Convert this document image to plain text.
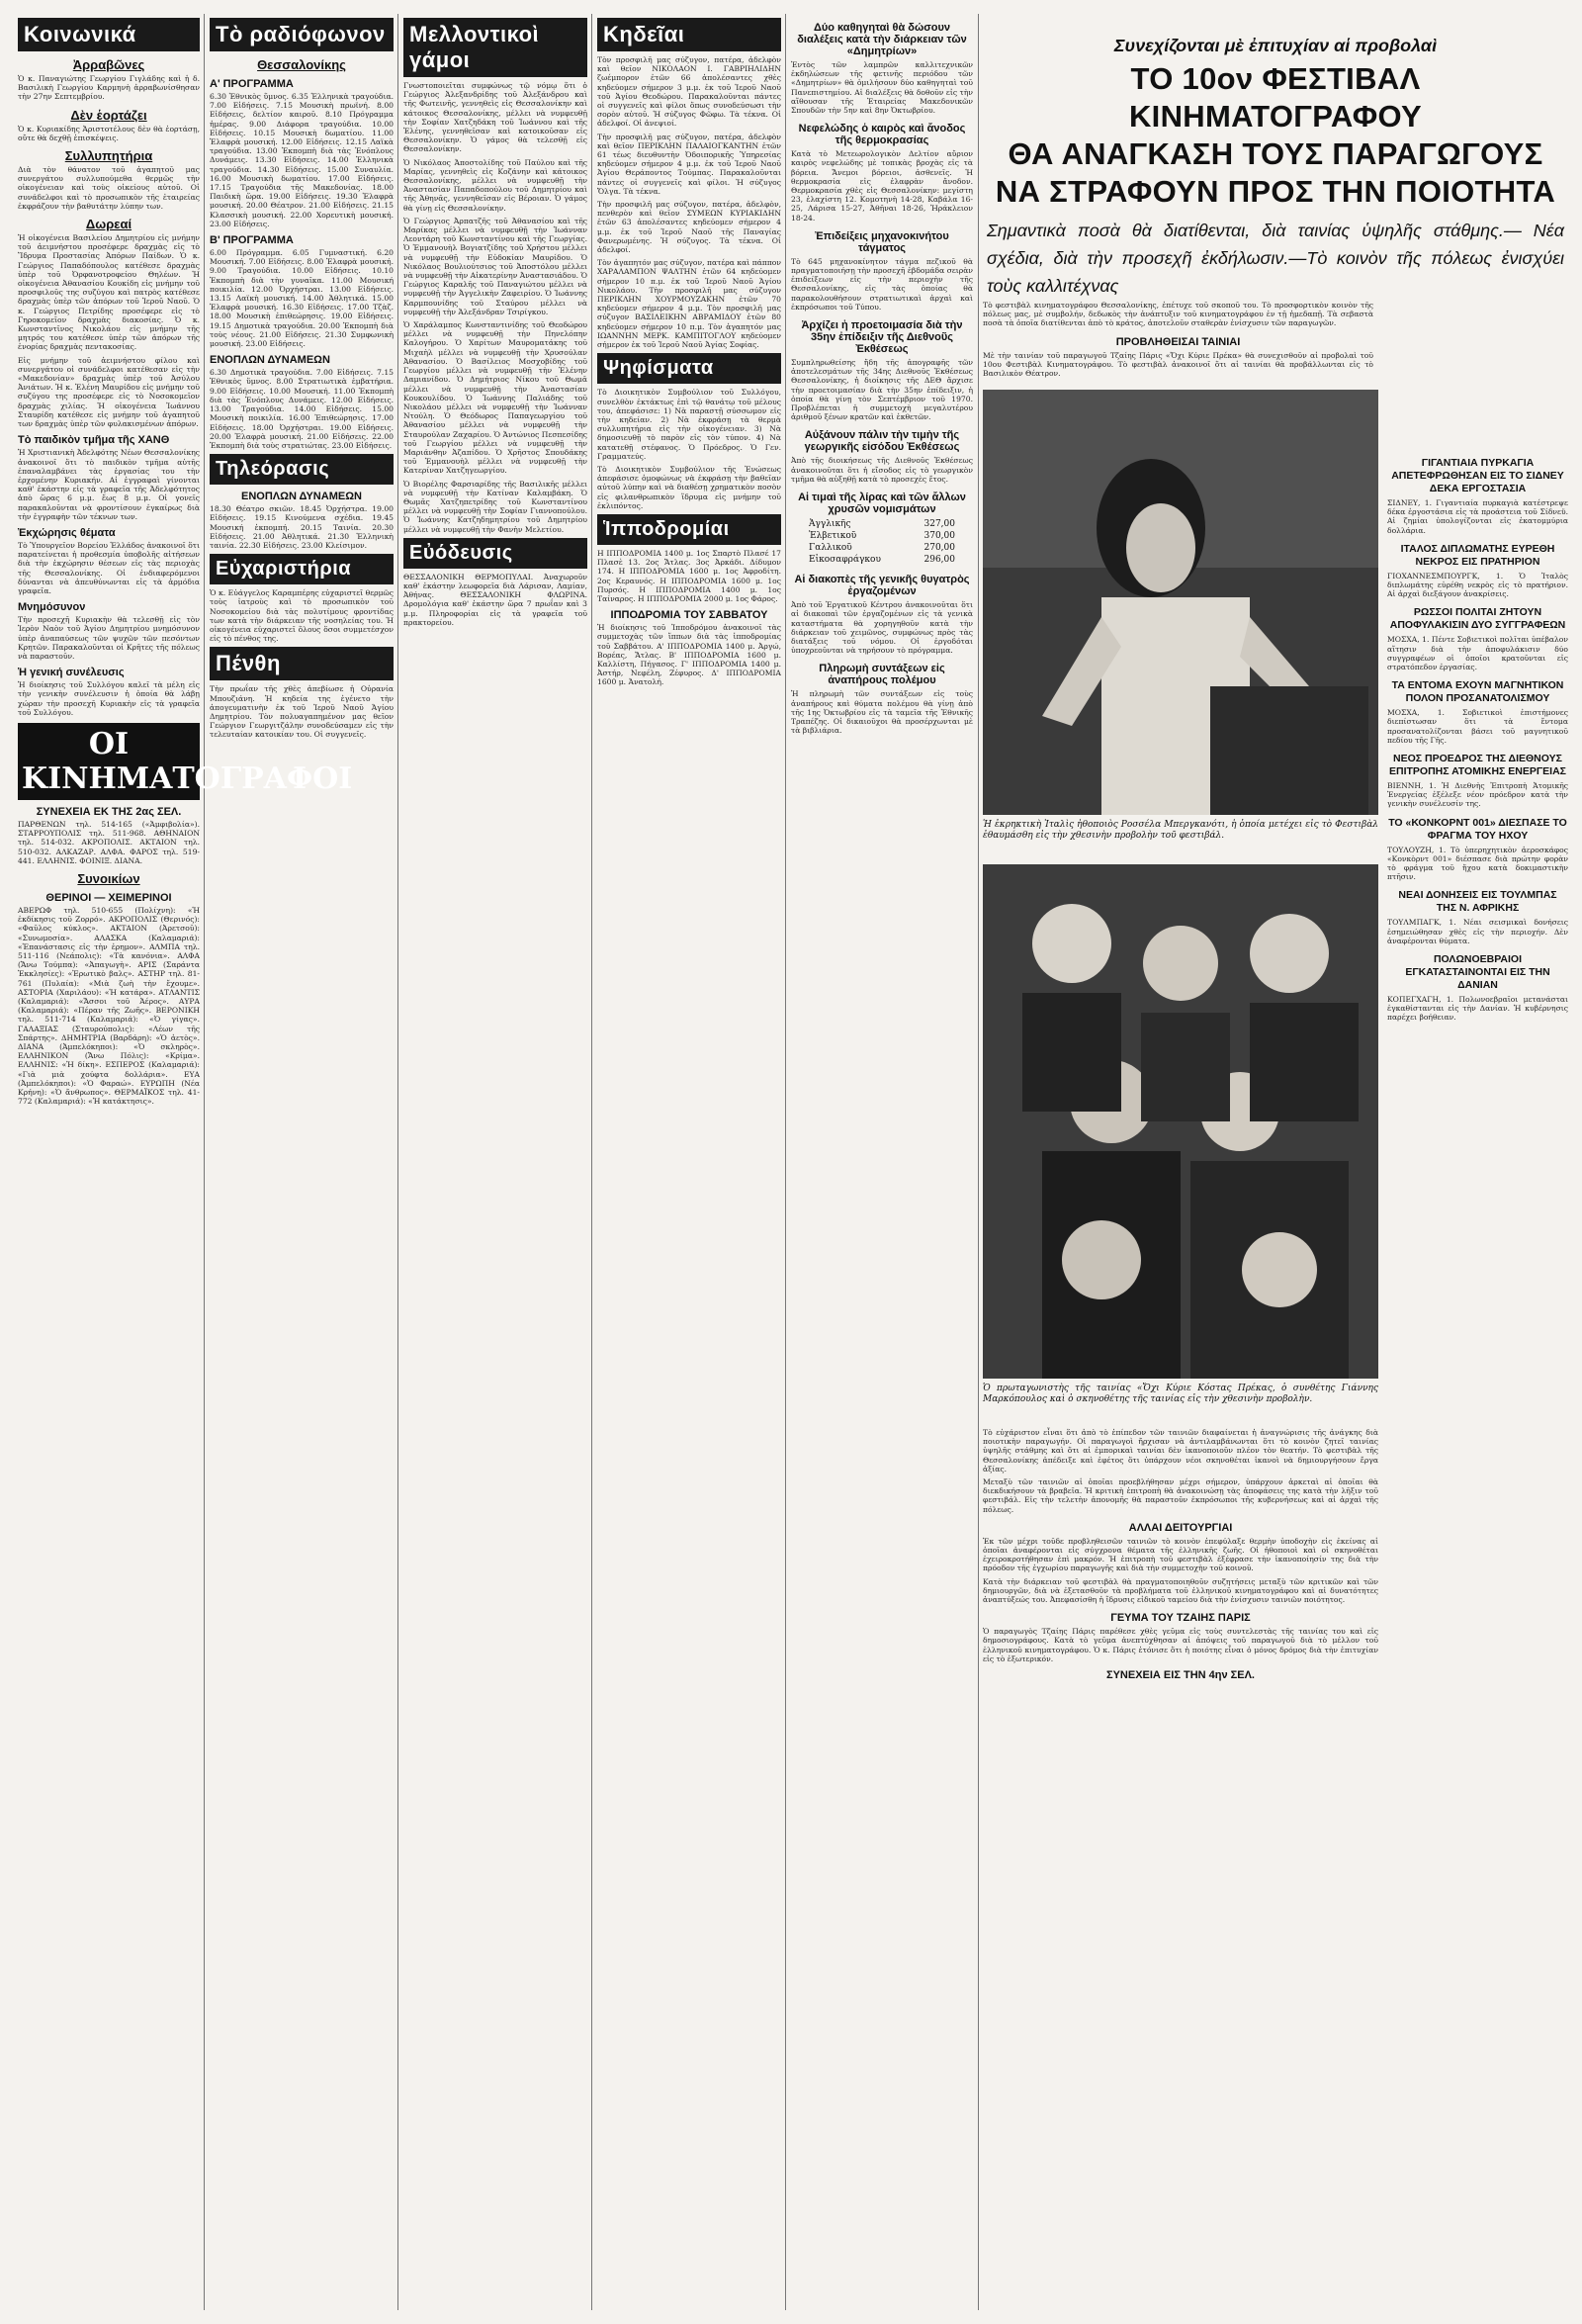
Κοινωνικά
Ἀρραβῶνες

Ὁ κ. Παναγιώτης Γεωργίου Γιγλάδης καὶ ἡ δ. Βασιλικὴ Γεωργίου Καρμηνὴ ἀρραβωνίσθησαν τὴν 27ην Σεπτεμβρίου.

Δὲν ἑορτάζει

Ὁ κ. Κυριακίδης Ἀριστοτέλους δὲν θὰ ἑορτάσῃ, οὔτε θὰ δεχθῇ ἐπισκέψεις.

Συλλυπητήρια

Διὰ τὸν θάνατον τοῦ ἀγαπητοῦ μας συνεργάτου συλλυπούμεθα θερμῶς τὴν οἰκογένειαν καὶ τοὺς οἰκείους αὐτοῦ. Οἱ συνάδελφοι καὶ τὸ προσωπικὸν τῆς ἑταιρείας ἐκφράζουν τὴν βαθυτάτην λύπην των.

Δωρεαί

Ἡ οἰκογένεια Βασιλείου Δημητρίου εἰς μνήμην τοῦ ἀειμνήστου προσέφερε δραχμὰς εἰς τὸ Ἵδρυμα Προστασίας Ἀπόρων Παίδων. Ὁ κ. Γεώργιος Παπαδόπουλος κατέθεσε δραχμὰς ὑπὲρ τοῦ Ὀρφανοτροφείου Θηλέων. Ἡ οἰκογένεια Ἀθανασίου Κουκίδη εἰς μνήμην τοῦ προσφιλοῦς της συζύγου καὶ πατρὸς κατέθεσε δραχμὰς ὑπὲρ τῶν ἀπόρων τοῦ Ἱεροῦ Ναοῦ. Ὁ κ. Γεώργιος Πετρίδης προσέφερε εἰς τὸ Γηροκομεῖον δραχμὰς διακοσίας. Ὁ κ. Κωνσταντῖνος Νικολάου εἰς μνήμην τῆς μητρός του κατέθεσε ὑπὲρ τῶν ἀπόρων τῆς ἐνορίας δραχμὰς πεντακοσίας.

Εἰς μνήμην τοῦ ἀειμνήστου φίλου καὶ συνεργάτου οἱ συνάδελφοι κατέθεσαν εἰς τὴν «Μακεδονίαν» δραχμὰς ὑπὲρ τοῦ Ἀσύλου Ἀνιάτων. Ἡ κ. Ἑλένη Μαυρίδου εἰς μνήμην τοῦ συζύγου της προσέφερε εἰς τὸ Νοσοκομεῖον δραχμὰς χιλίας. Ἡ οἰκογένεια Ἰωάννου Σταυρίδη κατέθεσε εἰς μνήμην τοῦ ἀγαπητοῦ των δραχμὰς ὑπὲρ τῶν φυλακισμένων ἀπόρων.

Τὸ παιδικὸν τμῆμα τῆς ΧΑΝΘ

Ἡ Χριστιανικὴ Ἀδελφότης Νέων Θεσσαλονίκης ἀνακοινοῖ ὅτι τὸ παιδικὸν τμῆμα αὐτῆς ἐπαναλαμβάνει τὰς ἐργασίας του τὴν ἐρχομένην Κυριακήν. Αἱ ἐγγραφαὶ γίνονται καθ' ἑκάστην εἰς τὰ γραφεῖα τῆς Ἀδελφότητος ἀπὸ ὥρας 6 μ.μ. ἕως 8 μ.μ. Οἱ γονεῖς παρακαλοῦνται νὰ φροντίσουν ἐγκαίρως διὰ τὴν ἐγγραφὴν τῶν τέκνων των.

Ἐκχώρησις θέματα

Τὸ Ὑπουργεῖον Βορείου Ἑλλάδος ἀνακοινοῖ ὅτι παρατείνεται ἡ προθεσμία ὑποβολῆς αἰτήσεων διὰ τὴν ἐκχώρησιν θέσεων εἰς τὰς περιοχὰς τῆς Θεσσαλονίκης. Οἱ ἐνδιαφερόμενοι δύνανται νὰ ἀπευθύνωνται εἰς τὰ ἁρμόδια γραφεῖα.

Μνημόσυνον

Τὴν προσεχῆ Κυριακὴν θὰ τελεσθῇ εἰς τὸν Ἱερὸν Ναὸν τοῦ Ἁγίου Δημητρίου μνημόσυνον ὑπὲρ ἀναπαύσεως τῶν ψυχῶν τῶν πεσόντων Κρητῶν. Παρακαλοῦνται οἱ Κρῆτες τῆς πόλεως νὰ παραστοῦν.

Ἡ γενική συνέλευσις

Ἡ διοίκησις τοῦ Συλλόγου καλεῖ τὰ μέλη εἰς τὴν γενικὴν συνέλευσιν ἡ ὁποία θὰ λάβῃ χώραν τὴν προσεχῆ Κυριακὴν εἰς τὰ γραφεῖα τοῦ Συλλόγου.

ΟΙ ΚΙΝΗΜΑΤΟΓΡΑΦΟΙ
ΣΥΝΕΧΕΙΑ ΕΚ ΤΗΣ 2ας ΣΕΛ.

ΠΑΡΘΕΝΩΝ τηλ. 514-165 («Ἀμφιβολία»). ΣΤΑΡΡΟΥΠΟΛΙΣ τηλ. 511-968. ΑΘΗΝΑΙΟΝ τηλ. 514-032. ΑΚΡΟΠΟΛΙΣ. ΑΚΤΑΙΟΝ τηλ. 510-032. ΑΛΚΑΖΑΡ. ΑΛΦΑ. ΦΑΡΟΣ τηλ. 519-441. ΕΛΛΗΝΙΣ. ΦΟΙΝΙΞ. ΔΙΑΝΑ.

Συνοικίων
ΘΕΡΙΝΟΙ — ΧΕΙΜΕΡΙΝΟΙ

ΑΒΕΡΩΦ τηλ. 510-655 (Πολίχνη): «Ἡ ἐκδίκησις τοῦ Ζορρό». ΑΚΡΟΠΟΛΙΣ (Θερινός): «Φαῦλος κύκλος». ΑΚΤΑΙΟΝ (Ἀρετσοῦ): «Συνωμοσία». ΑΛΑΣΚΑ (Καλαμαριά): «Ἐπανάστασις εἰς τὴν ἐρημον». ΑΛΜΠΑ τηλ. 511-116 (Νεάπολις): «Τὰ κανόνια». ΑΛΦΑ (Ἄνω Τούμπα): «Ἀπαγωγὴ». ΑΡΙΣ (Σαράντα Ἐκκλησίες): «Ἐρωτικὸ βαλς». ΑΣΤΗΡ τηλ. 81-761 (Πυλαία): «Μιὰ ζωὴ τὴν ἔχουμε». ΑΣΤΟΡΙΑ (Χαριλάου): «Ἡ κατάρα». ΑΤΛΑΝΤΙΣ (Καλαμαριά): «Ἄσσοι τοῦ Ἀέρος». ΑΥΡΑ (Καλαμαριά): «Πέραν τῆς Ζωῆς». ΒΕΡΟΝΙΚΗ τηλ. 511-714 (Καλαμαριά): «Ὁ γίγας». ΓΑΛΑΞΙΑΣ (Σταυρούπολις): «Λέων τῆς Σπάρτης». ΔΗΜΗΤΡΙΑ (Βαρδάρη): «Ὁ ἀετὸς». ΔΙΑΝΑ (Ἀμπελόκηποι): «Ὁ σκληρὸς». ΕΛΛΗΝΙΚΟΝ (Ἄνω Πόλις): «Κρίμα». ΕΛΛΗΝΙΣ: «Ἡ δίκη». ΕΣΠΕΡΟΣ (Καλαμαριά): «Γιὰ μιὰ χούφτα δολλάρια». ΕΥΑ (Ἀμπελόκηποι): «Ὁ Φαραώ». ΕΥΡΩΠΗ (Νέα Κρήνη): «Ὁ ἄνθρωπος». ΘΕΡΜΑΪΚΟΣ τηλ. 41-772 (Καλαμαριά): «Ἡ κατάκτησις».

Τὸ ραδιόφωνον
Θεσσαλονίκης
Α' ΠΡΟΓΡΑΜΜΑ

6.30 Ἐθνικὸς ὕμνος. 6.35 Ἑλληνικὰ τραγούδια. 7.00 Εἰδήσεις. 7.15 Μουσικὴ πρωϊνή. 8.00 Εἰδήσεις, δελτίον καιροῦ. 8.10 Πρόγραμμα ἡμέρας. 9.00 Διάφορα τραγούδια. 10.00 Εἰδήσεις. 10.15 Μουσικὴ δωματίου. 11.00 Ἐλαφρὰ μουσική. 12.00 Εἰδήσεις. 12.15 Λαϊκὰ τραγούδια. 13.00 Ἐκπομπὴ διὰ τὰς Ἐνόπλους Δυνάμεις. 13.30 Εἰδήσεις. 14.00 Ἑλληνικὰ τραγούδια. 14.30 Εἰδήσεις. 15.00 Συναυλία. 16.00 Μουσικὴ δωματίου. 17.00 Εἰδήσεις. 17.15 Τραγούδια τῆς Μακεδονίας. 18.00 Παιδικὴ ὥρα. 19.00 Εἰδήσεις. 19.30 Ἐλαφρὰ μουσική. 20.00 Θέατρον. 21.00 Εἰδήσεις. 21.15 Κλασσικὴ μουσική. 22.00 Χορευτικὴ μουσική. 23.00 Εἰδήσεις.

Β' ΠΡΟΓΡΑΜΜΑ

6.00 Πρόγραμμα. 6.05 Γυμναστική. 6.20 Μουσική. 7.00 Εἰδήσεις. 8.00 Ἐλαφρὰ μουσική. 9.00 Τραγούδια. 10.00 Εἰδήσεις. 10.10 Ἐκπομπὴ διὰ τὴν γυναῖκα. 11.00 Μουσική ποικιλία. 12.00 Ὀρχήστραι. 13.00 Εἰδήσεις. 13.15 Λαϊκὴ μουσική. 14.00 Ἀθλητικά. 15.00 Ἐλαφρὰ μουσική. 16.30 Εἰδήσεις. 17.00 Τζὰζ. 18.00 Μουσικὴ ἐπιθεώρησις. 19.00 Εἰδήσεις. 19.15 Δημοτικὰ τραγούδια. 20.00 Ἐκπομπὴ διὰ τοὺς νέους. 21.00 Εἰδήσεις. 21.30 Συμφωνικὴ μουσική. 23.00 Εἰδήσεις.

ΕΝΟΠΛΩΝ ΔΥΝΑΜΕΩΝ

6.30 Δημοτικὰ τραγούδια. 7.00 Εἰδήσεις. 7.15 Ἐθνικὸς ὕμνος. 8.00 Στρατιωτικὰ ἐμβατήρια. 9.00 Εἰδήσεις. 10.00 Μουσική. 11.00 Ἐκπομπὴ διὰ τὰς Ἐνόπλους Δυνάμεις. 12.00 Εἰδήσεις. 13.00 Τραγούδια. 14.00 Εἰδήσεις. 15.00 Μουσικὴ ποικιλία. 16.00 Ἐπιθεώρησις. 17.00 Εἰδήσεις. 18.00 Ὀρχήστραι. 19.00 Εἰδήσεις. 20.00 Ἐλαφρὰ μουσική. 21.00 Εἰδήσεις. 22.00 Ἐκπομπὴ διὰ τοὺς στρατιώτας. 23.00 Εἰδήσεις.

Τηλεόρασις
ΕΝΟΠΛΩΝ ΔΥΝΑΜΕΩΝ

18.30 Θέατρο σκιῶν. 18.45 Ὀρχήστρα. 19.00 Εἰδήσεις. 19.15 Κινούμενα σχέδια. 19.45 Μουσική ἐκπομπή. 20.15 Ταινία. 20.30 Εἰδήσεις. 21.00 Ἀθλητικά. 21.30 Ἑλληνικὴ ταινία. 22.30 Εἰδήσεις. 23.00 Κλείσιμον.

Εὐχαριστήρια

Ὁ κ. Εὐάγγελος Καραμπέρης εὐχαριστεῖ θερμῶς τοὺς ἰατροὺς καὶ τὸ προσωπικὸν τοῦ Νοσοκομείου διὰ τὰς πολυτίμους φροντίδας των κατὰ τὴν διάρκειαν τῆς νοσηλείας του. Ἡ οἰκογένεια εὐχαριστεῖ ὅλους ὅσοι συμμετέσχον εἰς τὸ πένθος της.

Πένθη

Τὴν πρωΐαν τῆς χθὲς ἀπεβίωσε ἡ Οὐρανία Μπουζιάνη. Ἡ κηδεία της ἐγένετο τὴν ἀπογευματινὴν ἐκ τοῦ Ἱεροῦ Ναοῦ Ἁγίου Δημητρίου. Τὸν πολυαγαπημένον μας θεῖον Γεώργιον Γεωργιτζάλην συνοδεύσαμεν εἰς τὴν τελευταίαν κατοικίαν του. Οἱ συγγενεῖς.

Μελλοντικοὶ γάμοι

Γνωστοποιεῖται συμφώνως τῷ νόμῳ ὅτι ὁ Γεώργιος Ἀλεξανδρίδης τοῦ Ἀλεξάνδρου καὶ τῆς Φωτεινῆς, γεννηθεὶς εἰς Θεσσαλονίκην καὶ κάτοικος Θεσσαλονίκης, μέλλει νὰ νυμφευθῇ τὴν Σοφίαν Χατζηδάκη τοῦ Ἰωάννου καὶ τῆς Ἑλένης, γεννηθεῖσαν καὶ κατοικοῦσαν εἰς Θεσσαλονίκην. Ὁ γάμος θὰ τελεσθῇ εἰς Θεσσαλονίκην.

Ὁ Νικόλαος Ἀποστολίδης τοῦ Παύλου καὶ τῆς Μαρίας, γεννηθεὶς εἰς Κοζάνην καὶ κάτοικος Θεσσαλονίκης, μέλλει νὰ νυμφευθῇ τὴν Ἀναστασίαν Παπαδοπούλου τοῦ Δημητρίου καὶ τῆς Ἀθηνᾶς, γεννηθεῖσαν εἰς Βέροιαν. Ὁ γάμος θὰ γίνῃ εἰς Θεσσαλονίκην.

Ὁ Γεώργιος Ἀρπατζῆς τοῦ Ἀθανασίου καὶ τῆς Μαρίκας μέλλει νὰ νυμφευθῇ τὴν Ἰωάνναν Λεοντάρη τοῦ Κωνσταντίνου καὶ τῆς Γεωργίας. Ὁ Ἐμμανουὴλ Βογιατζίδης τοῦ Χρήστου μέλλει νὰ νυμφευθῇ τὴν Εὐδοκίαν Μαυρίδου. Ὁ Νικόλαος Βουλιούτσιος τοῦ Ἀποστόλου μέλλει νὰ νυμφευθῇ τὴν Αἰκατερίνην Ἀναστασιάδου. Ὁ Γεώργιος Καραλῆς τοῦ Παναγιώτου μέλλει νὰ νυμφευθῇ τὴν Ἀγγελικὴν Ζαφειρίου. Ὁ Ἰωάννης Καρμπουνίδης τοῦ Σταύρου μέλλει νὰ νυμφευθῇ τὴν Ἀλεξάνδραν Τσιρίγκου.

Ὁ Χαράλαμπος Κωνσταντινίδης τοῦ Θεοδώρου μέλλει νὰ νυμφευθῇ τὴν Πηνελόπην Καλογήρου. Ὁ Χαρίτων Μαυροματάκης τοῦ Μιχαὴλ μέλλει νὰ νυμφευθῇ τὴν Χρυσούλαν Ἀθανασίου. Ὁ Βασίλειος Μοσχοβίδης τοῦ Γεωργίου μέλλει νὰ νυμφευθῇ τὴν Ἑλένην Δαμιανίδου. Ὁ Δημήτριος Νίκου τοῦ Θωμᾶ μέλλει νὰ νυμφευθῇ τὴν Ἀναστασίαν Κουκουλίδου. Ὁ Ἰωάννης Παλιάδης τοῦ Νικολάου μέλλει νὰ νυμφευθῇ τὴν Ἰωάνναν Ντούλη. Ὁ Θεόδωρος Παπαγεωργίου τοῦ Ἀθανασίου μέλλει νὰ νυμφευθῇ τὴν Σταυρούλαν Ζαχαρίου. Ὁ Ἀντώνιος Πεσπεσίδης τοῦ Γεωργίου μέλλει νὰ νυμφευθῇ τὴν Μαριάνθην Ἀζαπίδου. Ὁ Χρῆστος Σπουδάκης τοῦ Ἐμμανουὴλ μέλλει νὰ νυμφευθῇ τὴν Κατερίναν Χατζηγεωργίου.

Ὁ Βιορέλης Φαρσιαρίδης τῆς Βασιλικῆς μέλλει νὰ νυμφευθῇ τὴν Κατίναν Καλαμβάκη. Ὁ Θωμᾶς Χατζηπετρίδης τοῦ Κωνσταντίνου μέλλει νὰ νυμφευθῇ τὴν Σοφίαν Γιαννοπούλου. Ὁ Ἰωάννης Κατζηδημητρίου τοῦ Δημητρίου μέλλει νὰ νυμφευθῇ τὴν Φανὴν Μελετίου.

Εὐόδευσις

ΘΕΣΣΑΛΟΝΙΚΗ ΘΕΡΜΟΠΥΛΑΙ. Ἀναχωροῦν καθ' ἑκάστην λεωφορεῖα διὰ Λάρισαν, Λαμίαν, Ἀθήνας. ΘΕΣΣΑΛΟΝΙΚΗ ΦΛΩΡΙΝΑ. Δρομολόγια καθ' ἑκάστην ὥρα 7 πρωΐαν καὶ 3 μ.μ. Πληροφορίαι εἰς τὰ γραφεῖα τοῦ πρακτορείου.

Κηδεῖαι

Τὸν προσφιλῆ μας σύζυγον, πατέρα, ἀδελφὸν καὶ θεῖον ΝΙΚΟΛΑΟΝ Ι. ΓΑΒΡΙΗΛΙΔΗΝ ζωέμπορον ἐτῶν 66 ἀπολέσαντες χθὲς κηδεύομεν σήμερον 3 μ.μ. ἐκ τοῦ Ἱεροῦ Ναοῦ τοῦ Ἁγίου Θεοδώρου. Παρακαλοῦνται πάντες οἱ συγγενεῖς καὶ φίλοι ὅπως συνοδεύσωσι τὴν σορὸν αὐτοῦ. Ἡ σύζυγος Φῶφω. Τὰ τέκνα. Οἱ ἀδελφοί. Οἱ ἀνεψιοί.

Τὴν προσφιλῆ μας σύζυγον, πατέρα, ἀδελφὸν καὶ θεῖον ΠΕΡΙΚΛΗΝ ΠΑΛΑΙΟΓΚΑΝΤΗΝ ἐτῶν 61 τέως διευθυντὴν Ὀδοιπορικῆς Ὑπηρεσίας κηδεύομεν σήμερον 4 μ.μ. ἐκ τοῦ Ἱεροῦ Ναοῦ Ἁγίου Θεράποντος Τούμπας. Παρακαλοῦνται πάντες οἱ συγγενεῖς καὶ φίλοι. Ἡ σύζυγος Ὄλγα. Τὰ τέκνα.

Τὴν προσφιλῆ μας σύζυγον, πατέρα, ἀδελφὸν, πενθερὸν καὶ θεῖον ΣΥΜΕΩΝ ΚΥΡΙΑΚΙΔΗΝ ἐτῶν 63 ἀπολέσαντες κηδεύομεν σήμερον 4 μ.μ. ἐκ τοῦ Ἱεροῦ Ναοῦ τῆς Παναγίας Φανερωμένης. Ἡ σύζυγος. Τὰ τέκνα. Οἱ ἀδελφοί.

Τὸν ἀγαπητόν μας σύζυγον, πατέρα καὶ πάππον ΧΑΡΑΛΑΜΠΟΝ ΨΑΛΤΗΝ ἐτῶν 64 κηδεύομεν σήμερον 10 π.μ. ἐκ τοῦ Ἱεροῦ Ναοῦ Ἁγίου Νικολάου. Τὴν προσφιλῆ μας σύζυγον ΠΕΡΙΚΛΗΝ ΧΟΥΡΜΟΥΖΑΚΗΝ ἐτῶν 70 κηδεύομεν σήμερον 4 μ.μ. Τὸν προσφιλῆ μας σύζυγον ΒΑΣΙΛΕΙΚΗΝ ΑΒΡΑΜΙΔΟΥ ἐτῶν 80 κηδεύομεν σήμερον 10 π.μ. Τὸν ἀγαπητόν μας ΙΩΑΝΝΗΝ ΜΕΡΚ. ΚΑΜΠΙΤΟΓΛΟΥ κηδεύομεν σήμερον ἐκ τοῦ Ἱεροῦ Ναοῦ Ἁγίας Σοφίας.

Ψηφίσματα

Τὸ Διοικητικὸν Συμβούλιον τοῦ Συλλόγου, συνελθὸν ἐκτάκτως ἐπὶ τῷ θανάτῳ τοῦ μέλους του, ἀπεφάσισε: 1) Νὰ παραστῇ σύσσωμον εἰς τὴν κηδείαν. 2) Νὰ ἐκφράσῃ τὰ θερμὰ συλλυπητήρια εἰς τὴν οἰκογένειαν. 3) Νὰ δημοσιευθῇ τὸ παρὸν εἰς τὸν τύπον. 4) Νὰ κατατεθῇ στέφανος. Ὁ Πρόεδρος. Ὁ Γεν. Γραμματεύς.

Τὸ Διοικητικὸν Συμβούλιον τῆς Ἑνώσεως ἀπεφάσισε ὁμοφώνως νὰ ἐκφράσῃ τὴν βαθεῖαν αὐτοῦ λύπην καὶ νὰ διαθέσῃ χρηματικὸν ποσὸν εἰς φιλανθρωπικὸν ἵδρυμα εἰς μνήμην τοῦ ἐκλιπόντος.

Ἱπποδρομίαι

Η ΙΠΠΟΔΡΟΜΙΑ 1400 μ. 1ος Σπαρτὸ Πλασέ 17 Πλασὲ 13. 2ος Ἄτλας. 3ος Ἀρκάδι. Δίδυμον 174. Η ΙΠΠΟΔΡΟΜΙΑ 1600 μ. 1ος Ἀφροδίτη. 2ος Κεραυνός. Η ΙΠΠΟΔΡΟΜΙΑ 1600 μ. 1ος Πυρσός. Η ΙΠΠΟΔΡΟΜΙΑ 1400 μ. 1ος Ταίναρος. Η ΙΠΠΟΔΡΟΜΙΑ 2000 μ. 1ος Φάρος.

ΙΠΠΟΔΡΟΜΙΑ ΤΟΥ ΣΑΒΒΑΤΟΥ

Ἡ διοίκησις τοῦ Ἱπποδρόμου ἀνακοινοῖ τὰς συμμετοχὰς τῶν ἵππων διὰ τὰς ἱπποδρομίας τοῦ Σαββάτου. Α' ΙΠΠΟΔΡΟΜΙΑ 1400 μ. Ἀργώ, Βορέας, Ἄτλας. Β' ΙΠΠΟΔΡΟΜΙΑ 1600 μ. Καλλίστη, Πήγασος. Γ' ΙΠΠΟΔΡΟΜΙΑ 1400 μ. Ἀστήρ, Νεφέλη, Ζέφυρος. Δ' ΙΠΠΟΔΡΟΜΙΑ 1600 μ. Ἀνατολή.

Δύο καθηγηταὶ θὰ δώσουν διαλέξεις κατὰ τὴν διάρκειαν τῶν «Δημητρίων»

Ἐντὸς τῶν λαμπρῶν καλλιτεχνικῶν ἐκδηλώσεων τῆς φετινῆς περιόδου τῶν «Δημητρίων» θὰ ὁμιλήσουν δύο καθηγηταὶ τοῦ Πανεπιστημίου. Αἱ διαλέξεις θὰ δοθοῦν εἰς τὴν αἴθουσαν τῆς Ἑταιρείας Μακεδονικῶν Σπουδῶν τὴν 5ην καὶ 8ην Ὀκτωβρίου.

Νεφελώδης ὁ καιρὸς καὶ ἄνοδος τῆς θερμοκρασίας

Κατὰ τὸ Μετεωρολογικὸν Δελτίον αὔριον καιρὸς νεφελώδης μὲ τοπικὰς βροχὰς εἰς τὰ βόρεια. Ἄνεμοι βόρειοι, ἀσθενεῖς. Ἡ θερμοκρασία εἰς ἐλαφρὰν ἄνοδον. Θερμοκρασία χθὲς εἰς Θεσσαλονίκην: μεγίστη 23, ἐλαχίστη 12. Κομοτηνὴ 14-28, Καβάλα 16-25, Λάρισα 15-27, Ἀθῆναι 18-26, Ἡράκλειον 18-24.

Ἐπιδείξεις μηχανοκινήτου τάγματος

Τὸ 645 μηχανοκίνητον τάγμα πεζικοῦ θὰ πραγματοποιήσῃ τὴν προσεχῆ ἑβδομάδα σειρὰν ἐπιδείξεων εἰς τὴν περιοχὴν τῆς Θεσσαλονίκης, εἰς τὰς ὁποίας θὰ παρακολουθήσουν στρατιωτικαὶ ἀρχαὶ καὶ ἐκπρόσωποι τοῦ Τύπου.

Ἀρχίζει ἡ προετοιμασία διὰ τὴν 35ην ἐπίδειξιν τῆς Διεθνοῦς Ἐκθέσεως

Συμπληρωθείσης ἤδη τῆς ἀπογραφῆς τῶν ἀποτελεσμάτων τῆς 34ης Διεθνοῦς Ἐκθέσεως Θεσσαλονίκης, ἡ διοίκησις τῆς ΔΕΘ ἄρχισε τὴν προετοιμασίαν διὰ τὴν 35ην ἐπίδειξιν, ἡ ὁποία θὰ γίνῃ τὸν Σεπτέμβριον τοῦ 1970. Προβλέπεται ἡ συμμετοχὴ μεγαλυτέρου ἀριθμοῦ ξένων κρατῶν καὶ ἐκθετῶν.

Αὐξάνουν πάλιν τὴν τιμὴν τῆς γεωργικῆς εἰσόδου Ἐκθέσεως

Ἀπὸ τῆς διοικήσεως τῆς Διεθνοῦς Ἐκθέσεως ἀνακοινοῦται ὅτι ἡ εἴσοδος εἰς τὸ γεωργικὸν τμῆμα θὰ αὐξηθῇ κατὰ τὸ προσεχὲς ἔτος.

Αἱ τιμαὶ τῆς λίρας καὶ τῶν ἄλλων χρυσῶν νομισμάτων
Ἀγγλικῆς	327,00
Ἐλβετικοῦ	370,00
Γαλλικοῦ	270,00
Εἰκοσαφράγκου	296,00
Αἱ διακοπὲς τῆς γενικῆς θυγατρὸς ἐργαζομένων

Ἀπὸ τοῦ Ἐργατικοῦ Κέντρου ἀνακοινοῦται ὅτι αἱ διακοπαὶ τῶν ἐργαζομένων εἰς τὰ γενικὰ καταστήματα θὰ χορηγηθοῦν κατὰ τὴν διάρκειαν τοῦ χειμῶνος, συμφώνως πρὸς τὰς διατάξεις τοῦ νόμου. Οἱ ἐργοδόται ὑποχρεοῦνται νὰ τηρήσουν τὸ πρόγραμμα.

Πληρωμὴ συντάξεων εἰς ἀναπήρους πολέμου

Ἡ πληρωμὴ τῶν συντάξεων εἰς τοὺς ἀναπήρους καὶ θύματα πολέμου θὰ γίνῃ ἀπὸ τῆς 1ης Ὀκτωβρίου εἰς τὰ ταμεῖα τῆς Ἐθνικῆς Τραπέζης. Οἱ δικαιοῦχοι θὰ προσέρχωνται μὲ τὰ βιβλιάρια.

Συνεχίζονται μὲ ἐπιτυχίαν αἱ προβολαὶ
ΤΟ 10ον ΦΕΣΤΙΒΑΛ ΚΙΝΗΜΑΤΟΓΡΑΦΟΥ
ΘΑ ΑΝΑΓΚΑΣΗ ΤΟΥΣ ΠΑΡΑΓΩΓΟΥΣ
ΝΑ ΣΤΡΑΦΟΥΝ ΠΡΟΣ ΤΗΝ ΠΟΙΟΤΗΤΑ
Σημαντικὰ ποσὰ θὰ διατίθενται, διὰ ταινίας ὑψηλῆς στάθμης.— Νέα σχέδια, διὰ τὴν προσεχῆ ἐκδήλωσιν.—Τὸ κοινὸν τῆς πόλεως ἐνισχύει τοὺς καλλιτέχνας

Τὸ φεστιβὰλ κινηματογράφου Θεσσαλονίκης, ἐπέτυχε τοῦ σκοποῦ του. Τὸ προσφορτικὸν κοινὸν τῆς πόλεως μας, μὲ συμβολήν, δεδωκὸς τὴν ἀνάπτυξιν τοῦ κινηματογράφου ἐν τῇ ἡμεδαπῇ. Τὰ σεβαστὰ ποσὰ τὰ ὁποῖα διατίθενται ἀπὸ τὸ κράτος, ἀποτελοῦν σταθερὰν ἐνίσχυσιν τῶν παραγωγῶν.

ΠΡΟΒΛΗΘΕΙΣΑΙ ΤΑΙΝΙΑΙ

Μὲ τὴν ταινίαν τοῦ παραγωγοῦ Τζαίης Πάρις «Ὄχι Κύριε Πρέκα» θὰ συνεχισθοῦν αἱ προβολαὶ τοῦ 10ου Φεστιβὰλ Κινηματογράφου. Τὸ φεστιβὰλ ἀνακοινοῖ ὅτι αἱ ταινίαι θὰ προβάλλωνται εἰς τὸ Βασιλικὸν Θέατρον.

Ἡ ἐκρηκτικὴ Ἰταλὶς ἠθοποιὸς Ροσσέλα Μπεργκανότι, ἡ ὁποία μετέχει εἰς τὸ Φεστιβὰλ ἐθαυμάσθη εἰς τὴν χθεσινὴν προβολὴν τοῦ φεστιβάλ.
Ὁ πρωταγωνιστὴς τῆς ταινίας «Ὄχι Κύριε Κόστας Πρέκας, ὁ συνθέτης Γιάννης Μαρκόπουλος καὶ ὁ σκηνοθέτης τῆς ταινίας εἰς τὴν χθεσινὴν προβολὴν.

Τὸ εὐχάριστον εἶναι ὅτι ἀπὸ τὸ ἐπίπεδον τῶν ταινιῶν διαφαίνεται ἡ ἀναγνώρισις τῆς ἀνάγκης διὰ ποιοτικὴν παραγωγήν. Οἱ παραγωγοὶ ἤρχισαν νὰ ἀντιλαμβάνωνται ὅτι τὸ κοινὸν ζητεῖ ταινίας ὑψηλῆς στάθμης καὶ ὅτι αἱ ἐμπορικαὶ ταινίαι δὲν ἱκανοποιοῦν πλέον τὸν θεατήν. Τὸ φεστιβὰλ τῆς Θεσσαλονίκης ἀπέδειξε καὶ ἐφέτος ὅτι ὑπάρχουν νέοι σκηνοθέται ἱκανοὶ νὰ δημιουργήσουν ἔργα ἀξίας.

Μεταξὺ τῶν ταινιῶν αἱ ὁποῖαι προεβλήθησαν μέχρι σήμερον, ὑπάρχουν ἀρκεταὶ αἱ ὁποῖαι θὰ διεκδικήσουν τὰ βραβεῖα. Ἡ κριτικὴ ἐπιτροπὴ θὰ ἀνακοινώσῃ τὰς ἀποφάσεις της κατὰ τὴν λῆξιν τοῦ φεστιβάλ. Εἰς τὴν τελετὴν ἀπονομῆς θὰ παραστοῦν ἐκπρόσωποι τῆς κυβερνήσεως καὶ αἱ ἀρχαὶ τῆς πόλεως.

ΑΛΛΑΙ ΔΕΙΤΟΥΡΓΙΑΙ

Ἐκ τῶν μέχρι τοῦδε προβληθεισῶν ταινιῶν τὸ κοινὸν ἐπεφύλαξε θερμὴν ὑποδοχὴν εἰς ἐκείνας αἱ ὁποῖαι ἀναφέρονται εἰς σύγχρονα θέματα τῆς ἑλληνικῆς ζωῆς. Οἱ ἠθοποιοὶ καὶ οἱ σκηνοθέται ἐχειροκροτήθησαν ἐπὶ μακρόν. Ἡ ἐπιτροπὴ τοῦ φεστιβὰλ ἐξέφρασε τὴν ἱκανοποίησίν της διὰ τὴν πρόοδον τῆς ἐγχωρίου παραγωγῆς καὶ διὰ τὴν συμμετοχὴν τοῦ κοινοῦ.

Κατὰ τὴν διάρκειαν τοῦ φεστιβὰλ θὰ πραγματοποιηθοῦν συζητήσεις μεταξὺ τῶν κριτικῶν καὶ τῶν δημιουργῶν, διὰ νὰ ἐξετασθοῦν τὰ προβλήματα τοῦ ἑλληνικοῦ κινηματογράφου καὶ αἱ δυνατότητες ἀναπτύξεώς του. Ἀπεφασίσθη ἡ ἵδρυσις εἰδικοῦ ταμείου διὰ τὴν ἐνίσχυσιν ταινιῶν ποιότητος.

ΓΕΥΜΑ ΤΟΥ ΤΖΑΙΗΣ ΠΑΡΙΣ

Ὁ παραγωγὸς Τζαίης Πάρις παρέθεσε χθὲς γεῦμα εἰς τοὺς συντελεστὰς τῆς ταινίας του καὶ εἰς δημοσιογράφους. Κατὰ τὸ γεῦμα ἀνεπτύχθησαν αἱ ἀπόψεις τοῦ παραγωγοῦ διὰ τὸ μέλλον τοῦ ἑλληνικοῦ κινηματογράφου. Ὁ κ. Πάρις ἐτόνισε ὅτι ἡ ποιότης εἶναι ὁ μόνος δρόμος διὰ τὴν ἐπιτυχίαν εἰς τὸ ἐξωτερικόν.

ΣΥΝΕΧΕΙΑ ΕΙΣ ΤΗΝ 4ην ΣΕΛ.
ΓΙΓΑΝΤΙΑΙΑ ΠΥΡΚΑΓΙΑ ΑΠΕΤΕΦΡΩΘΗΣΑΝ ΕΙΣ ΤΟ ΣΙΔΝΕΥ ΔΕΚΑ ΕΡΓΟΣΤΑΣΙΑ

ΣΙΔΝΕΥ, 1. Γιγαντιαία πυρκαγιὰ κατέστρεψε δέκα ἐργοστάσια εἰς τὰ προάστεια τοῦ Σίδνεϋ. Αἱ ζημίαι ὑπολογίζονται εἰς ἑκατομμύρια δολλάρια.

ΙΤΑΛΟΣ ΔΙΠΛΩΜΑΤΗΣ ΕΥΡΕΘΗ ΝΕΚΡΟΣ ΕΙΣ ΠΡΑΤΗΡΙΟΝ

ΓΙΟΧΑΝΝΕΣΜΠΟΥΡΓΚ, 1. Ὁ Ἰταλὸς διπλωμάτης εὑρέθη νεκρὸς εἰς τὸ πρατήριον. Αἱ ἀρχαὶ διεξάγουν ἀνακρίσεις.

ΡΩΣΣΟΙ ΠΟΛΙΤΑΙ ΖΗΤΟΥΝ ΑΠΟΦΥΛΑΚΙΣΙΝ ΔΥΟ ΣΥΓΓΡΑΦΕΩΝ

ΜΟΣΧΑ, 1. Πέντε Σοβιετικοὶ πολῖται ὑπέβαλον αἴτησιν διὰ τὴν ἀποφυλάκισιν δύο συγγραφέων οἱ ὁποῖοι κρατοῦνται εἰς στρατόπεδον ἐργασίας.

ΤΑ ΕΝΤΟΜΑ ΕΧΟΥΝ ΜΑΓΝΗΤΙΚΟΝ ΠΟΛΟΝ ΠΡΟΣΑΝΑΤΟΛΙΣΜΟΥ

ΜΟΣΧΑ, 1. Σοβιετικοὶ ἐπιστήμονες διεπίστωσαν ὅτι τὰ ἔντομα προσανατολίζονται βάσει τοῦ μαγνητικοῦ πεδίου τῆς Γῆς.

ΝΕΟΣ ΠΡΟΕΔΡΟΣ ΤΗΣ ΔΙΕΘΝΟΥΣ ΕΠΙΤΡΟΠΗΣ ΑΤΟΜΙΚΗΣ ΕΝΕΡΓΕΙΑΣ

ΒΙΕΝΝΗ, 1. Ἡ Διεθνὴς Ἐπιτροπὴ Ἀτομικῆς Ἐνεργείας ἐξέλεξε νέον πρόεδρον κατὰ τὴν γενικὴν συνέλευσίν της.

ΤΟ «ΚΟΝΚΟΡΝΤ 001» ΔΙΕΣΠΑΣΕ ΤΟ ΦΡΑΓΜΑ ΤΟΥ ΗΧΟΥ

ΤΟΥΛΟΥΖΗ, 1. Τὸ ὑπερηχητικὸν ἀεροσκάφος «Κονκὸρντ 001» διέσπασε διὰ πρώτην φορὰν τὸ φράγμα τοῦ ἤχου κατὰ δοκιμαστικὴν πτῆσιν.

ΝΕΑΙ ΔΟΝΗΣΕΙΣ ΕΙΣ ΤΟΥΛΜΠΑΣ ΤΗΣ Ν. ΑΦΡΙΚΗΣ

ΤΟΥΛΜΠΑΓΚ, 1. Νέαι σεισμικαὶ δονήσεις ἐσημειώθησαν χθὲς εἰς τὴν περιοχήν. Δὲν ἀναφέρονται θύματα.

ΠΟΛΩΝΟΕΒΡΑΙΟΙ ΕΓΚΑΤΑΣΤΑΙΝΟΝΤΑΙ ΕΙΣ ΤΗΝ ΔΑΝΙΑΝ

ΚΟΠΕΓΧΑΓΗ, 1. Πολωνοεβραῖοι μετανάσται ἐγκαθίστανται εἰς τὴν Δανίαν. Ἡ κυβέρνησις παρέχει βοήθειαν.
